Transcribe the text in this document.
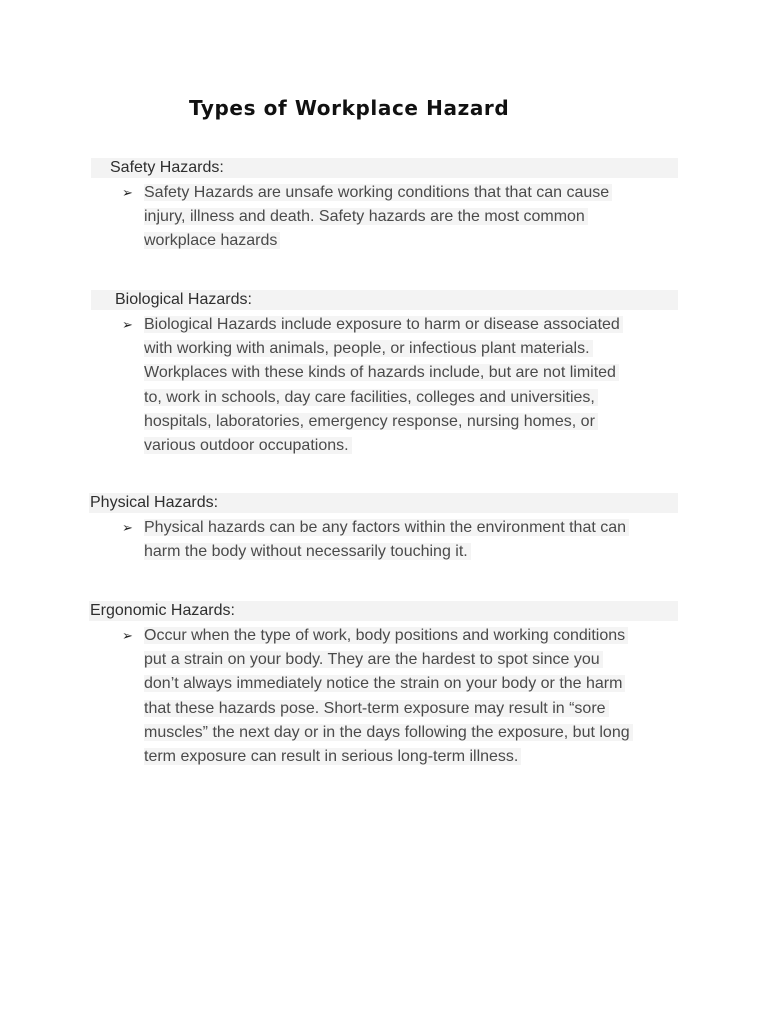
Types of Workplace Hazard
Safety Hazards:
➢ Safety Hazards are unsafe working conditions that that can cause
injury, illness and death. Safety hazards are the most common
workplace hazards
Biological Hazards:
➢ Biological Hazards include exposure to harm or disease associated
with working with animals, people, or infectious plant materials.
Workplaces with these kinds of hazards include, but are not limited
to, work in schools, day care facilities, colleges and universities,
hospitals, laboratories, emergency response, nursing homes, or
various outdoor occupations.
Physical Hazards:
➢ Physical hazards can be any factors within the environment that can
harm the body without necessarily touching it.
Ergonomic Hazards:
➢ Occur when the type of work, body positions and working conditions
put a strain on your body. They are the hardest to spot since you
don’t always immediately notice the strain on your body or the harm
that these hazards pose. Short-term exposure may result in “sore
muscles” the next day or in the days following the exposure, but long
term exposure can result in serious long-term illness.
